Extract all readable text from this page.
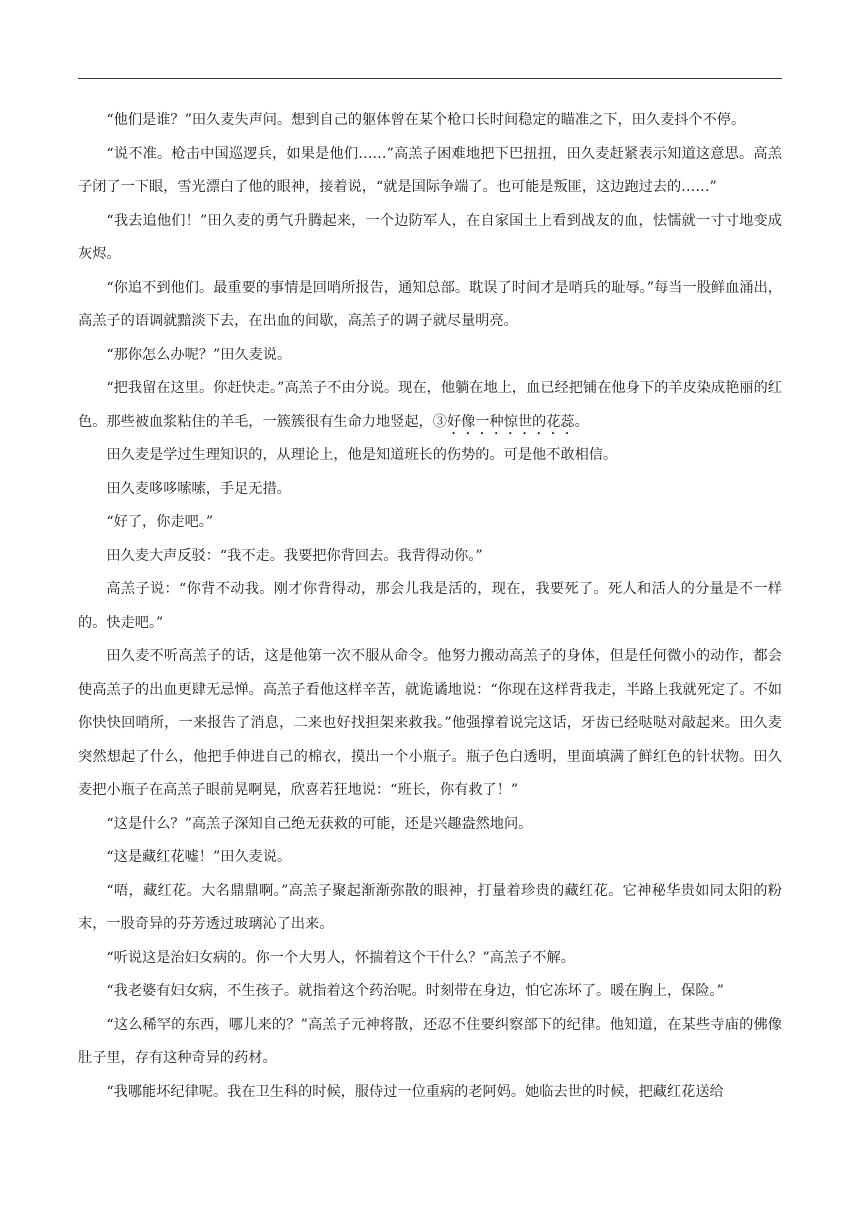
“他们是谁？”田久麦失声问。想到自己的躯体曾在某个枪口长时间稳定的瞄准之下，田久麦抖个不停。

“说不准。枪击中国巡逻兵，如果是他们……”高羔子困难地把下巴扭扭，田久麦赶紧表示知道这意思。高羔子闭了一下眼，雪光漂白了他的眼神，接着说，“就是国际争端了。也可能是叛匪，这边跑过去的……”

“我去追他们！”田久麦的勇气升腾起来，一个边防军人，在自家国土上看到战友的血，怯懦就一寸寸地变成灰烬。

“你追不到他们。最重要的事情是回哨所报告，通知总部。耽误了时间才是哨兵的耻辱。”每当一股鲜血涌出，高羔子的语调就黯淡下去，在出血的间歇，高羔子的调子就尽量明亮。

“那你怎么办呢？”田久麦说。

“把我留在这里。你赶快走。”高羔子不由分说。现在，他躺在地上，血已经把铺在他身下的羊皮染成艳丽的红色。那些被血浆粘住的羊毛，一簇簇很有生命力地竖起，③好像一种惊世的花蕊。

田久麦是学过生理知识的，从理论上，他是知道班长的伤势的。可是他不敢相信。

田久麦哆哆嗦嗦，手足无措。

“好了，你走吧。”

田久麦大声反驳：“我不走。我要把你背回去。我背得动你。”

高羔子说：“你背不动我。刚才你背得动，那会儿我是活的，现在，我要死了。死人和活人的分量是不一样的。快走吧。”

田久麦不听高羔子的话，这是他第一次不服从命令。他努力搬动高羔子的身体，但是任何微小的动作，都会使高羔子的出血更肆无忌惮。高羔子看他这样辛苦，就诡谲地说：“你现在这样背我走，半路上我就死定了。不如你快快回哨所，一来报告了消息，二来也好找担架来救我。”他强撑着说完这话，牙齿已经哒哒对敲起来。田久麦突然想起了什么，他把手伸进自己的棉衣，摸出一个小瓶子。瓶子色白透明，里面填满了鲜红色的针状物。田久麦把小瓶子在高羔子眼前晃啊晃，欣喜若狂地说：“班长，你有救了！”

“这是什么？”高羔子深知自己绝无获救的可能，还是兴趣盎然地问。

“这是藏红花嘘！”田久麦说。

“唔，藏红花。大名鼎鼎啊。”高羔子聚起渐渐弥散的眼神，打量着珍贵的藏红花。它神秘华贵如同太阳的粉末，一股奇异的芬芳透过玻璃沁了出来。

“听说这是治妇女病的。你一个大男人，怀揣着这个干什么？”高羔子不解。

“我老婆有妇女病，不生孩子。就指着这个药治呢。时刻带在身边，怕它冻坏了。暖在胸上，保险。”

“这么稀罕的东西，哪儿来的？”高羔子元神将散，还忍不住要纠察部下的纪律。他知道，在某些寺庙的佛像肚子里，存有这种奇异的药材。

“我哪能坏纪律呢。我在卫生科的时候，服侍过一位重病的老阿妈。她临去世的时候，把藏红花送给
